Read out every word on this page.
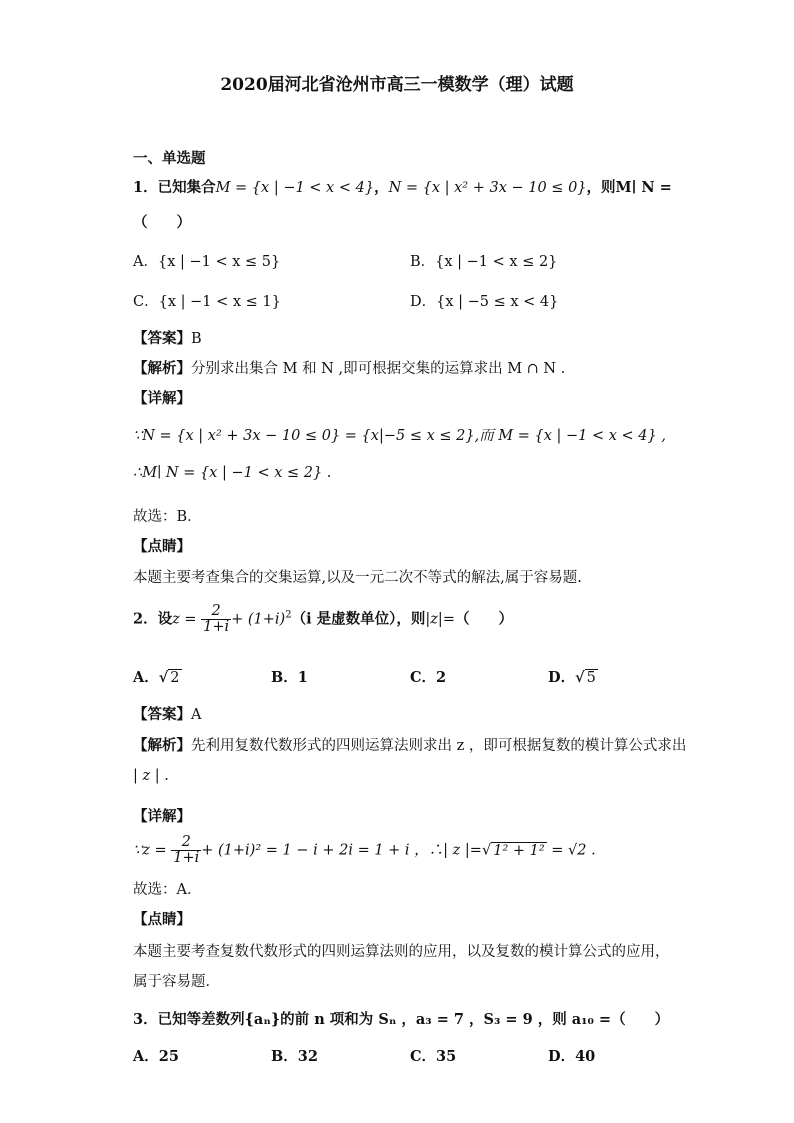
2020届河北省沧州市高三一模数学（理）试题
一、单选题
1．已知集合M = {x | −1 < x < 4}，N = {x | x² + 3x − 10 ≤ 0}，则M∣ N =
（　　）
A．{x | −1 < x ≤ 5}	B．{x | −1 < x ≤ 2}
C．{x | −1 < x ≤ 1}	D．{x | −5 ≤ x < 4}
【答案】B
【解析】分别求出集合 M 和 N ,即可根据交集的运算求出 M ∩ N .
【详解】
∵N = {x | x² + 3x − 10 ≤ 0} = {x|−5 ≤ x ≤ 2},而 M = {x | −1 < x < 4} ,
∴M∣ N = {x | −1 < x ≤ 2} .
故选：B．
【点睛】
本题主要考查集合的交集运算,以及一元二次不等式的解法,属于容易题.
2．设$z = \frac{2}{1+i} + (1+i)^2(i$ 是虚数单位），则|z|=（　　）
A．√ 2	B．1	C．2	D．√ 5
【答案】A
【解析】先利用复数代数形式的四则运算法则求出 z ，即可根据复数的模计算公式求出
| z | .
【详解】
∵z = $\frac{2}{1+i} + (1+i)^2 = 1 - i + 2i = 1 + i$ ，∴| z |=√ 1² + 1² = √2 .
故选：A．
【点睛】
本题主要考查复数代数形式的四则运算法则的应用，以及复数的模计算公式的应用，
属于容易题．
3．已知等差数列{aₙ}的前 n 项和为 Sₙ ，a₃ = 7 ，S₃ = 9 ，则 a₁₀ =（　　）
A．25	B．32	C．35	D．40
